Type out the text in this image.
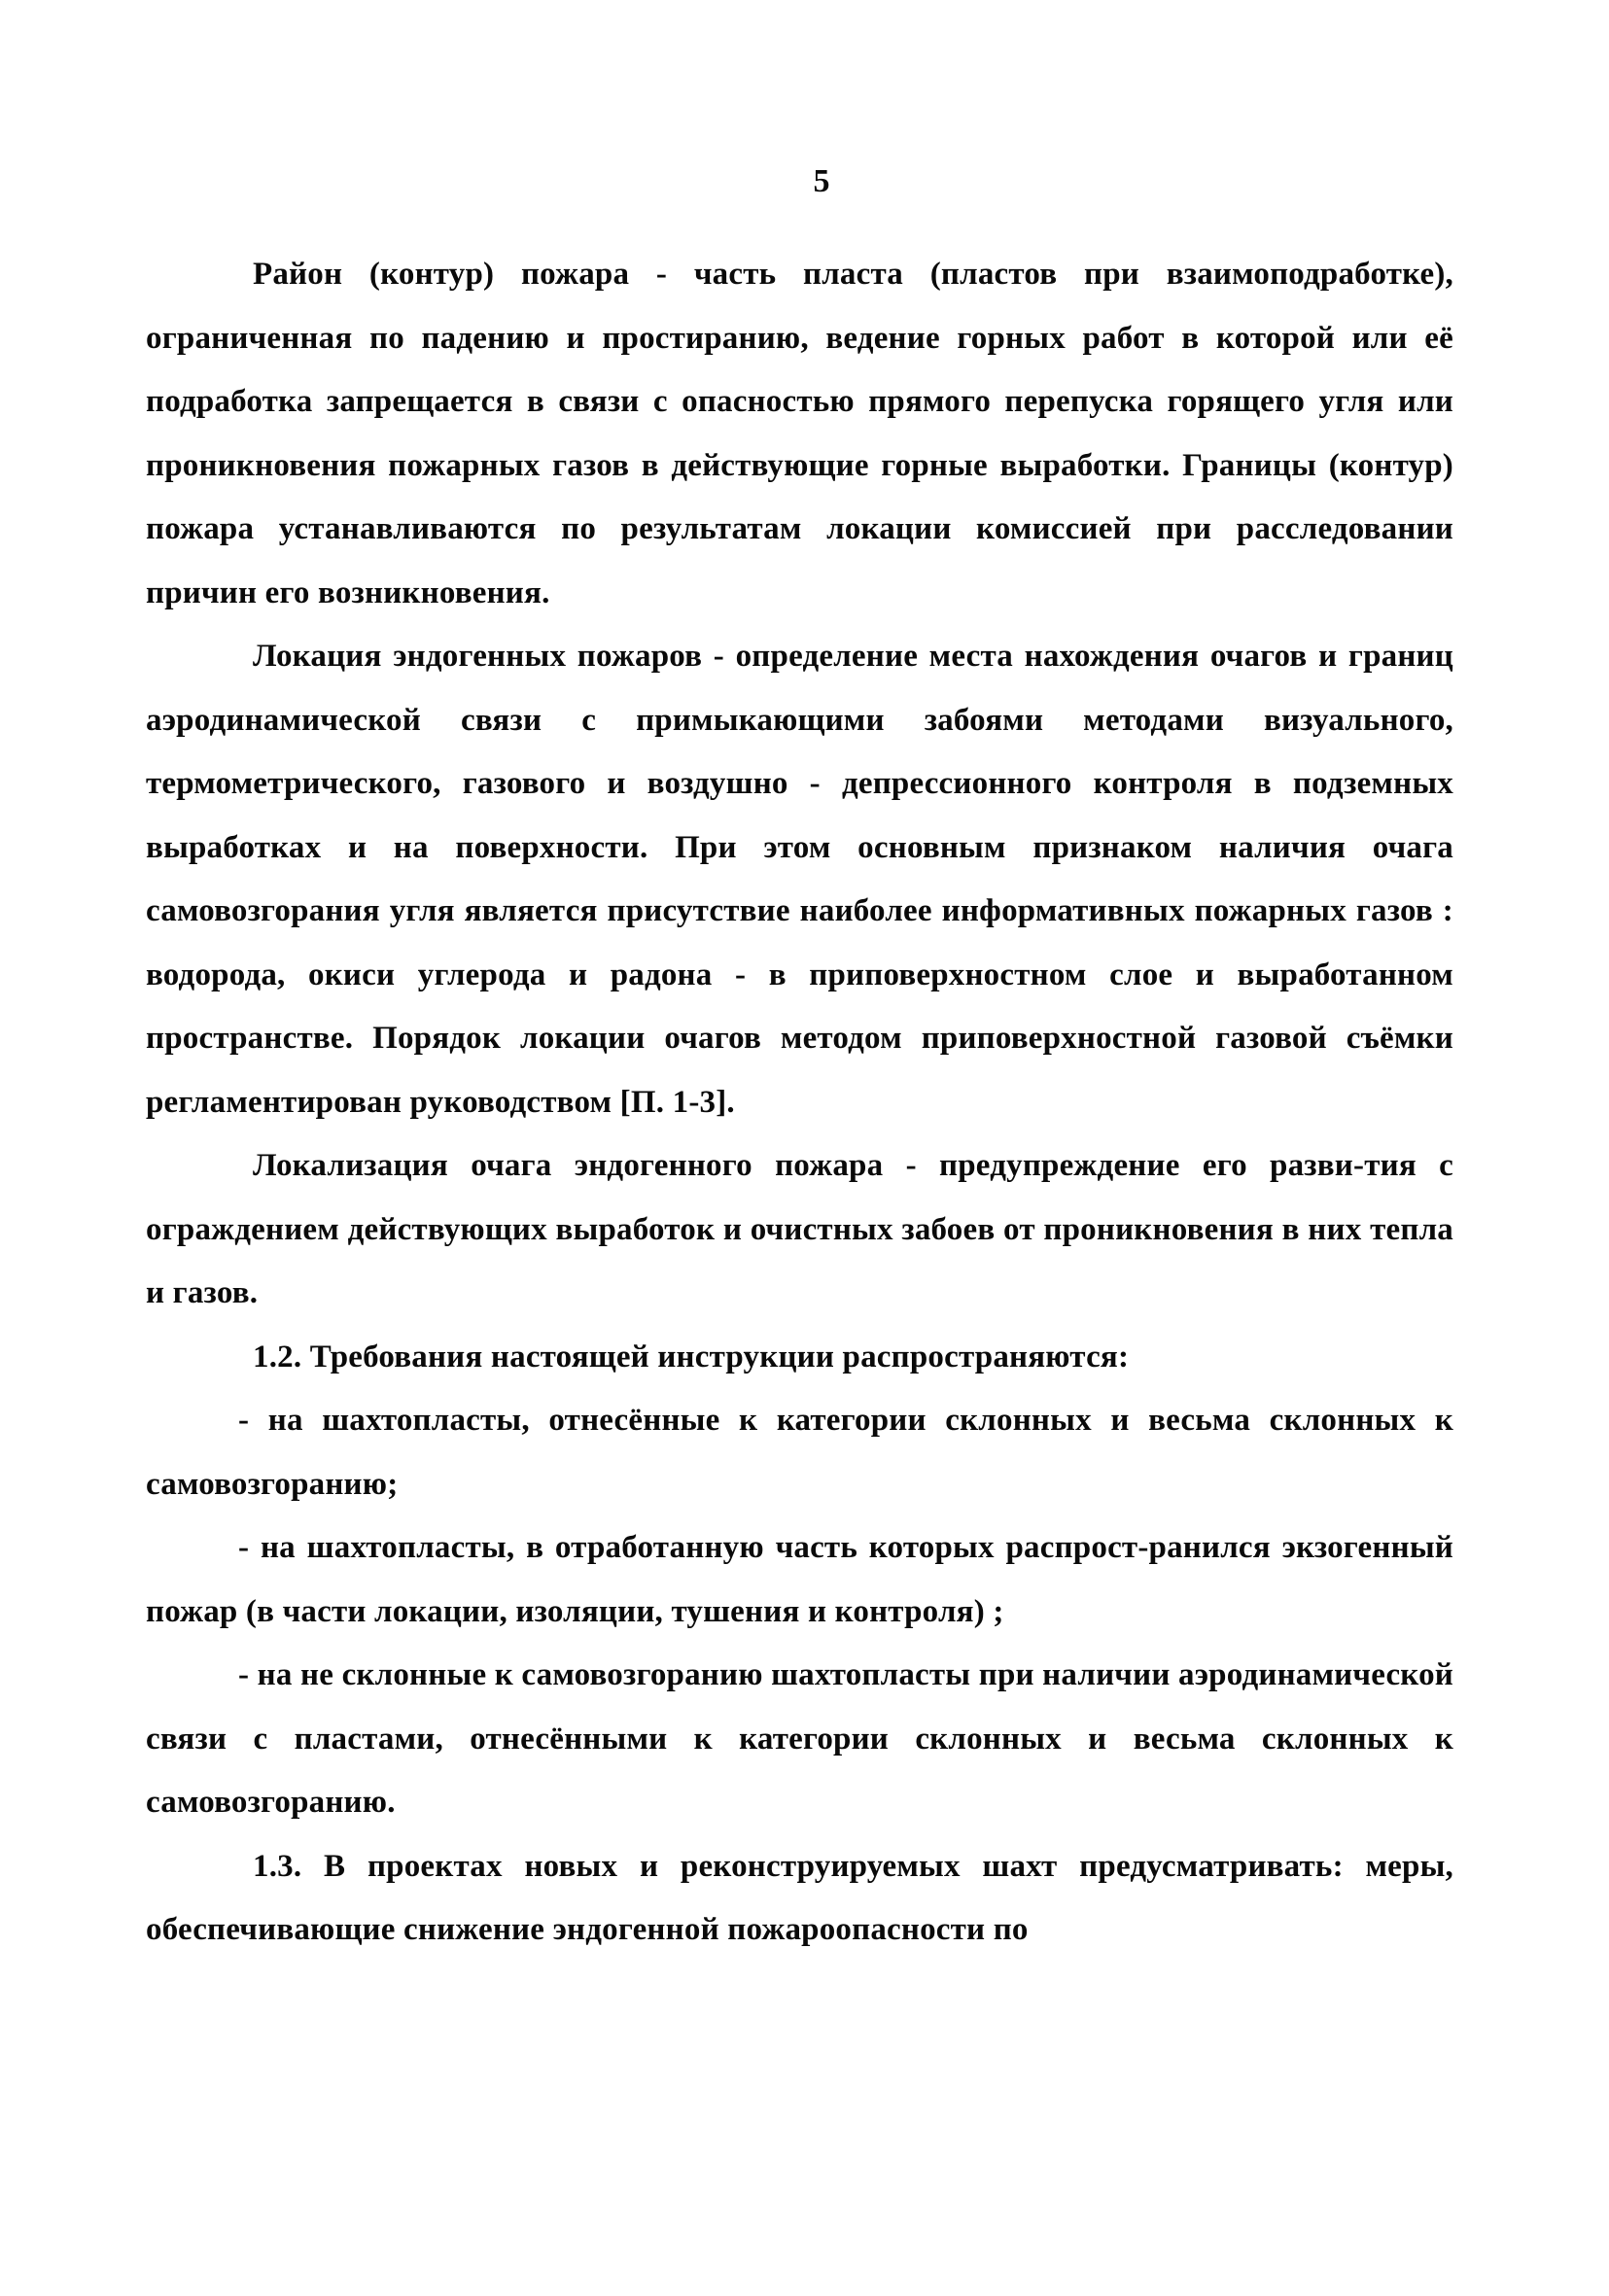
5

Район (контур) пожара - часть пласта (пластов при взаимоподработке), ограниченная по падению и простиранию, ведение горных работ в которой или её подработка запрещается в связи с опасностью прямого перепуска горящего угля или проникновения пожарных газов в действующие горные выработки. Границы (контур) пожара устанавливаются по результатам локации комиссией при расследовании причин его возникновения.

Локация эндогенных пожаров - определение места нахождения очагов и границ аэродинамической связи с примыкающими забоями методами визуального, термометрического, газового и воздушно - депрессионного контроля в подземных выработках и на поверхности. При этом основным признаком наличия очага самовозгорания угля является присутствие наиболее информативных пожарных газов : водорода, окиси углерода и радона - в приповерхностном слое и выработанном пространстве. Порядок локации очагов методом приповерхностной газовой съёмки регламентирован руководством [П. 1-3].

Локализация очага эндогенного пожара - предупреждение его разви-тия с ограждением действующих выработок и очистных забоев от проникновения в них тепла и газов.

1.2. Требования настоящей инструкции распространяются:

- на шахтопласты, отнесённые к категории склонных и весьма склонных к самовозгоранию;

- на шахтопласты, в отработанную часть которых распрост-ранился экзогенный пожар (в части локации, изоляции, тушения и контроля) ;

- на не склонные к самовозгоранию шахтопласты при наличии аэродинамической связи с пластами, отнесёнными к категории склонных и весьма склонных к самовозгоранию.

1.3. В проектах новых и реконструируемых шахт предусматривать: меры, обеспечивающие снижение эндогенной пожароопасности по
